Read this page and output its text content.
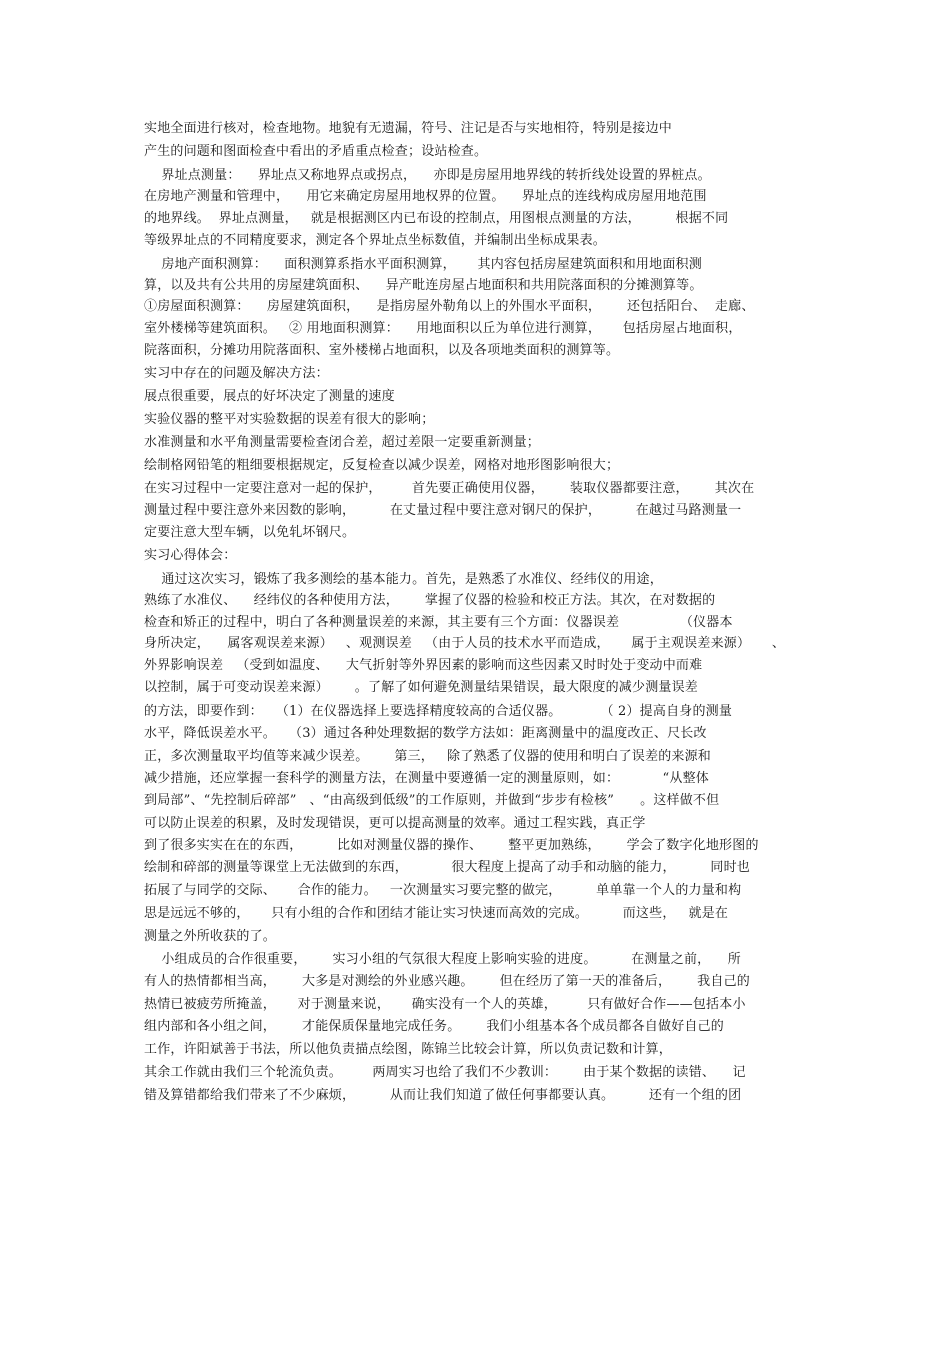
实地全面进行核对，检查地物。地貌有无遗漏，符号、注记是否与实地相符，特别是接边中
产生的问题和图面检查中看出的矛盾重点检查；设站检查。
界址点测量：    界址点又称地界点或拐点，    亦即是房屋用地界线的转折线处设置的界桩点。
在房地产测量和管理中，    用它来确定房屋用地权界的位置。    界址点的连线构成房屋用地范围
的地界线。  界址点测量，   就是根据测区内已布设的控制点，用图根点测量的方法，        根据不同
等级界址点的不同精度要求，测定各个界址点坐标数值，并编制出坐标成果表。
房地产面积测算：    面积测算系指水平面积测算，     其内容包括房屋建筑面积和用地面积测
算，以及共有公共用的房屋建筑面积、    异产毗连房屋占地面积和共用院落面积的分摊测算等。
①房屋面积测算：    房屋建筑面积，    是指房屋外勒角以上的外围水平面积，      还包括阳台、  走廊、
室外楼梯等建筑面积。   ② 用地面积测算：    用地面积以丘为单位进行测算，     包括房屋占地面积，
院落面积，分摊功用院落面积、室外楼梯占地面积，以及各项地类面积的测算等。
实习中存在的问题及解决方法：
展点很重要，展点的好坏决定了测量的速度
实验仪器的整平对实验数据的误差有很大的影响；
水准测量和水平角测量需要检查闭合差，超过差限一定要重新测量；
绘制格网铅笔的粗细要根据规定，反复检查以减少误差，网格对地形图影响很大；
在实习过程中一定要注意对一起的保护，       首先要正确使用仪器，      装取仪器都要注意，      其次在
测量过程中要注意外来因数的影响，        在丈量过程中要注意对钢尺的保护，        在越过马路测量一
定要注意大型车辆，以免轧坏钢尺。
实习心得体会：
通过这次实习，锻炼了我多测绘的基本能力。首先，是熟悉了水准仪、经纬仪的用途，
熟练了水准仪、    经纬仪的各种使用方法，      掌握了仪器的检验和校正方法。其次，在对数据的
检查和矫正的过程中，明白了各种测量误差的来源，其主要有三个方面：仪器误差              （仪器本
身所决定，    属客观误差来源）   、观测误差   （由于人员的技术水平而造成，     属于主观误差来源）     、
外界影响误差   （受到如温度、    大气折射等外界因素的影响而这些因素又时时处于变动中而难
以控制，属于可变动误差来源）      。了解了如何避免测量结果错误，最大限度的减少测量误差
的方法，即要作到：   （1）在仪器选择上要选择精度较高的合适仪器。         （ 2）提高自身的测量
水平，降低误差水平。   （3）通过各种处理数据的数学方法如：距离测量中的温度改正、尺长改
正，多次测量取平均值等来减少误差。      第三，   除了熟悉了仪器的使用和明白了误差的来源和
减少措施，还应掌握一套科学的测量方法，在测量中要遵循一定的测量原则，如：          “从整体
到局部”、“先控制后碎部”   、“由高级到低级”的工作原则，并做到“步步有检核”      。这样做不但
可以防止误差的积累，及时发现错误，更可以提高测量的效率。通过工程实践，真正学
到了很多实实在在的东西，        比如对测量仪器的操作、      整平更加熟练，      学会了数字化地形图的
绘制和碎部的测量等课堂上无法做到的东西，          很大程度上提高了动手和动脑的能力，        同时也
拓展了与同学的交际、     合作的能力。   一次测量实习要完整的做完，        单单靠一个人的力量和构
思是远远不够的，     只有小组的合作和团结才能让实习快速而高效的完成。        而这些，   就是在
测量之外所收获的了。
小组成员的合作很重要，      实习小组的气氛很大程度上影响实验的进度。        在测量之前，    所
有人的热情都相当高，      大多是对测绘的外业感兴趣。      但在经历了第一天的准备后，      我自己的
热情已被疲劳所掩盖，     对于测量来说，     确实没有一个人的英雄，       只有做好合作——包括本小
组内部和各小组之间，      才能保质保量地完成任务。      我们小组基本各个成员都各自做好自己的
工作，许阳斌善于书法，所以他负责描点绘图，陈锦兰比较会计算，所以负责记数和计算，
其余工作就由我们三个轮流负责。       两周实习也给了我们不少教训：      由于某个数据的读错、    记
错及算错都给我们带来了不少麻烦，        从而让我们知道了做任何事都要认真。        还有一个组的团
